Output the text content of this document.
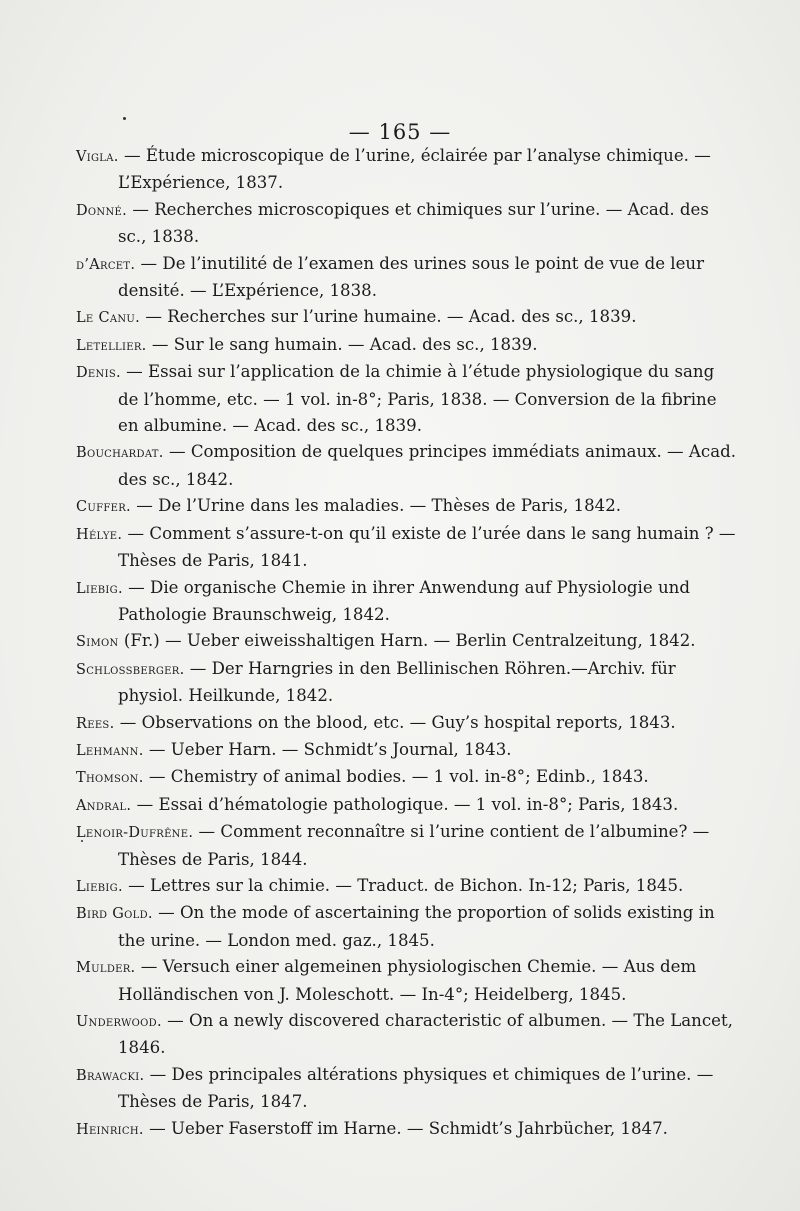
— 165 —

Vigla. — Étude microscopique de l’urine, éclairée par l’analyse chimique. — L’Expérience, 1837.

Donné. — Recherches microscopiques et chimiques sur l’urine. — Acad. des sc., 1838.

d’Arcet. — De l’inutilité de l’examen des urines sous le point de vue de leur densité. — L’Expérience, 1838.

Le Canu. — Recherches sur l’urine humaine. — Acad. des sc., 1839.

Letellier. — Sur le sang humain. — Acad. des sc., 1839.

Denis. — Essai sur l’application de la chimie à l’étude physiologique du sang de l’homme, etc. — 1 vol. in-8°; Paris, 1838. — Conversion de la fibrine en albumine. — Acad. des sc., 1839.

Bouchardat. — Composition de quelques principes immédiats animaux. — Acad. des sc., 1842.

Cuffer. — De l’Urine dans les maladies. — Thèses de Paris, 1842.

Hélye. — Comment s’assure-t-on qu’il existe de l’urée dans le sang humain ? — Thèses de Paris, 1841.

Liebig. — Die organische Chemie in ihrer Anwendung auf Physiologie und Pathologie Braunschweig, 1842.

Simon (Fr.) — Ueber eiweisshaltigen Harn. — Berlin Centralzeitung, 1842.

Schlossberger. — Der Harngries in den Bellinischen Röhren.—Archiv. für physiol. Heilkunde, 1842.

Rees. — Observations on the blood, etc. — Guy’s hospital reports, 1843.

Lehmann. — Ueber Harn. — Schmidt’s Journal, 1843.

Thomson. — Chemistry of animal bodies. — 1 vol. in-8°; Edinb., 1843.

Andral. — Essai d’hématologie pathologique. — 1 vol. in-8°; Paris, 1843.

Lenoir-Dufrêne. — Comment reconnaître si l’urine contient de l’albumine? — Thèses de Paris, 1844.

Liebig. — Lettres sur la chimie. — Traduct. de Bichon. In-12; Paris, 1845.

Bird Gold. — On the mode of ascertaining the proportion of solids existing in the urine. — London med. gaz., 1845.

Mulder. — Versuch einer algemeinen physiologischen Chemie. — Aus dem Holländischen von J. Moleschott. — In-4°; Heidelberg, 1845.

Underwood. — On a newly discovered characteristic of albumen. — The Lancet, 1846.

Brawacki. — Des principales altérations physiques et chimiques de l’urine. — Thèses de Paris, 1847.

Heinrich. — Ueber Faserstoff im Harne. — Schmidt’s Jahrbücher, 1847.
